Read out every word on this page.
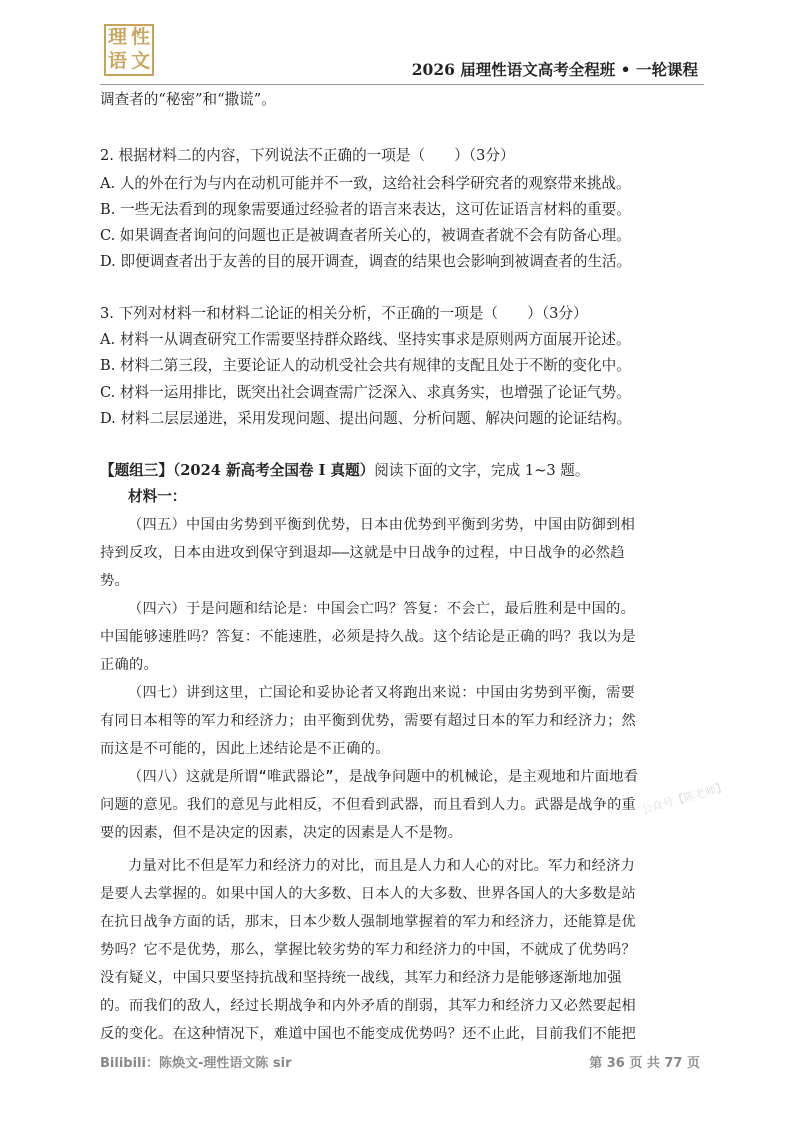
理 性
语 文	2026 届理性语文高考全程班 • 一轮课程
调查者的“秘密”和“撒谎”。
2. 根据材料二的内容，下列说法不正确的一项是（　　）（3分）
A. 人的外在行为与内在动机可能并不一致，这给社会科学研究者的观察带来挑战。
B. 一些无法看到的现象需要通过经验者的语言来表达，这可佐证语言材料的重要。
C. 如果调查者询问的问题也正是被调查者所关心的，被调查者就不会有防备心理。
D. 即便调查者出于友善的目的展开调查，调查的结果也会影响到被调查者的生活。
3. 下列对材料一和材料二论证的相关分析，不正确的一项是（　　）（3分）
A. 材料一从调查研究工作需要坚持群众路线、坚持实事求是原则两方面展开论述。
B. 材料二第三段，主要论证人的动机受社会共有规律的支配且处于不断的变化中。
C. 材料一运用排比，既突出社会调查需广泛深入、求真务实，也增强了论证气势。
D. 材料二层层递进，采用发现问题、提出问题、分析问题、解决问题的论证结构。
【题组三】（2024 新高考全国卷 I 真题）阅读下面的文字，完成 1~3 题。
材料一：
（四五）中国由劣势到平衡到优势，日本由优势到平衡到劣势，中国由防御到相
持到反攻，日本由进攻到保守到退却——这就是中日战争的过程，中日战争的必然趋
势。
（四六）于是问题和结论是：中国会亡吗？答复：不会亡，最后胜利是中国的。
中国能够速胜吗？答复：不能速胜，必须是持久战。这个结论是正确的吗？我以为是
正确的。
（四七）讲到这里，亡国论和妥协论者又将跑出来说：中国由劣势到平衡，需要
有同日本相等的军力和经济力；由平衡到优势，需要有超过日本的军力和经济力；然
而这是不可能的，因此上述结论是不正确的。
（四八）这就是所谓“唯武器论”，是战争问题中的机械论，是主观地和片面地看
问题的意见。我们的意见与此相反，不但看到武器，而且看到人力。武器是战争的重
要的因素，但不是决定的因素，决定的因素是人不是物。
力量对比不但是军力和经济力的对比，而且是人力和人心的对比。军力和经济力
是要人去掌握的。如果中国人的大多数、日本人的大多数、世界各国人的大多数是站
在抗日战争方面的话，那末，日本少数人强制地掌握着的军力和经济力，还能算是优
势吗？它不是优势，那么，掌握比较劣势的军力和经济力的中国，不就成了优势吗？
没有疑义，中国只要坚持抗战和坚持统一战线，其军力和经济力是能够逐渐地加强
的。而我们的敌人，经过长期战争和内外矛盾的削弱，其军力和经济力又必然要起相
反的变化。在这种情况下，难道中国也不能变成优势吗？还不止此，目前我们不能把
公众号【陈老师】
Bilibili：陈焕文-理性语文陈 sir	第 36 页 共 77 页
